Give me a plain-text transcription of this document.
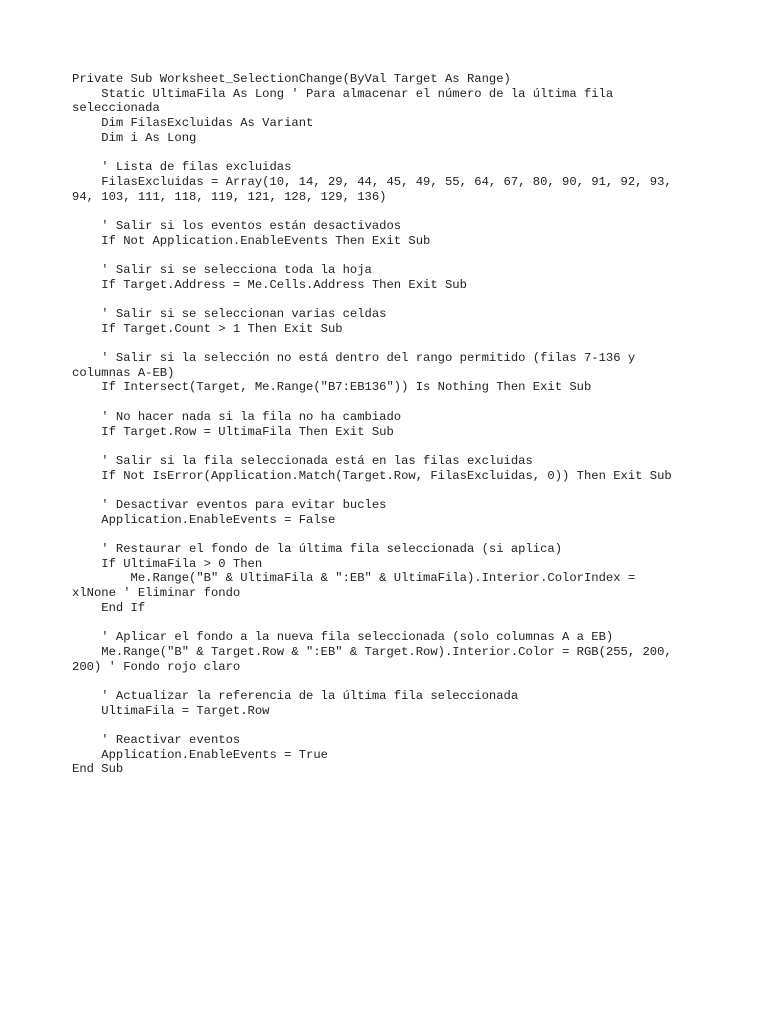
Private Sub Worksheet_SelectionChange(ByVal Target As Range)
Static UltimaFila As Long ' Para almacenar el número de la última fila
seleccionada
Dim FilasExcluidas As Variant
Dim i As Long
' Lista de filas excluidas
FilasExcluidas = Array(10, 14, 29, 44, 45, 49, 55, 64, 67, 80, 90, 91, 92, 93,
94, 103, 111, 118, 119, 121, 128, 129, 136)
' Salir si los eventos están desactivados
If Not Application.EnableEvents Then Exit Sub
' Salir si se selecciona toda la hoja
If Target.Address = Me.Cells.Address Then Exit Sub
' Salir si se seleccionan varias celdas
If Target.Count > 1 Then Exit Sub
' Salir si la selección no está dentro del rango permitido (filas 7-136 y
columnas A-EB)
If Intersect(Target, Me.Range("B7:EB136")) Is Nothing Then Exit Sub
' No hacer nada si la fila no ha cambiado
If Target.Row = UltimaFila Then Exit Sub
' Salir si la fila seleccionada está en las filas excluidas
If Not IsError(Application.Match(Target.Row, FilasExcluidas, 0)) Then Exit Sub
' Desactivar eventos para evitar bucles
Application.EnableEvents = False
' Restaurar el fondo de la última fila seleccionada (si aplica)
If UltimaFila > 0 Then
Me.Range("B" & UltimaFila & ":EB" & UltimaFila).Interior.ColorIndex =
xlNone ' Eliminar fondo
End If
' Aplicar el fondo a la nueva fila seleccionada (solo columnas A a EB)
Me.Range("B" & Target.Row & ":EB" & Target.Row).Interior.Color = RGB(255, 200,
200) ' Fondo rojo claro
' Actualizar la referencia de la última fila seleccionada
UltimaFila = Target.Row
' Reactivar eventos
Application.EnableEvents = True
End Sub
